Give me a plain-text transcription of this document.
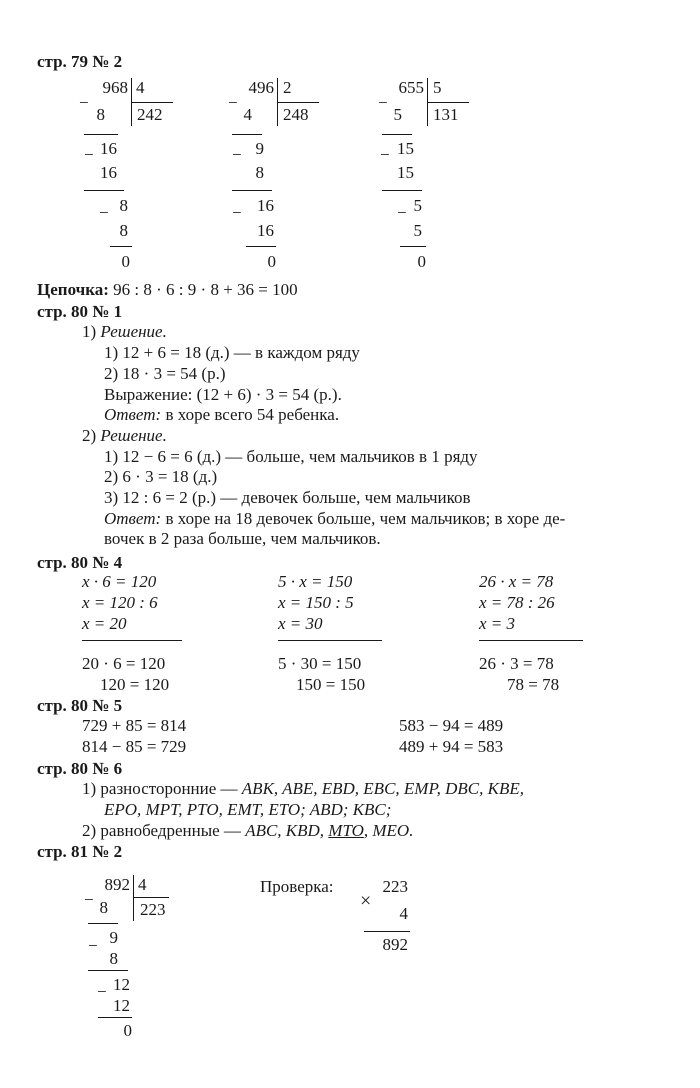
стр. 79 № 2
−
968 4
242
8
− 16
16
− 8
8
0
−
496 2
248
4
− 9
8
− 16
16
0
−
655 5
131
5
− 15
15
− 5
5
0
Цепочка: 96 : 8 · 6 : 9 · 8 + 36 = 100
стр. 80 № 1
1) Решение.
1) 12 + 6 = 18 (д.) — в каждом ряду
2) 18 · 3 = 54 (р.)
Выражение: (12 + 6) · 3 = 54 (р.).
Ответ: в хоре всего 54 ребенка.
2) Решение.
1) 12 − 6 = 6 (д.) — больше, чем мальчиков в 1 ряду
2) 6 · 3 = 18 (д.)
3) 12 : 6 = 2 (р.) — девочек больше, чем мальчиков
Ответ: в хоре на 18 девочек больше, чем мальчиков; в хоре де-
вочек в 2 раза больше, чем мальчиков.
стр. 80 № 4
x · 6 = 120
x = 120 : 6
x = 20
20 · 6 = 120
120 = 120
5 · x = 150
x = 150 : 5
x = 30
5 · 30 = 150
150 = 150
26 · x = 78
x = 78 : 26
x = 3
26 · 3 = 78
78 = 78
стр. 80 № 5
729 + 85 = 814
814 − 85 = 729
583 − 94 = 489
489 + 94 = 583
стр. 80 № 6
1) разносторонние — ABK, ABE, EBD, EBC, EMP, DBC, KBE,
EPO, MPT, PTO, EMT, ETO; ABD; KBC;
2) равнобедренные — ABC, KBD, MTO, MEO.
стр. 81 № 2
−
892 4
223
8
− 9
8
− 12
12
0
Проверка:
×
223
4
892
